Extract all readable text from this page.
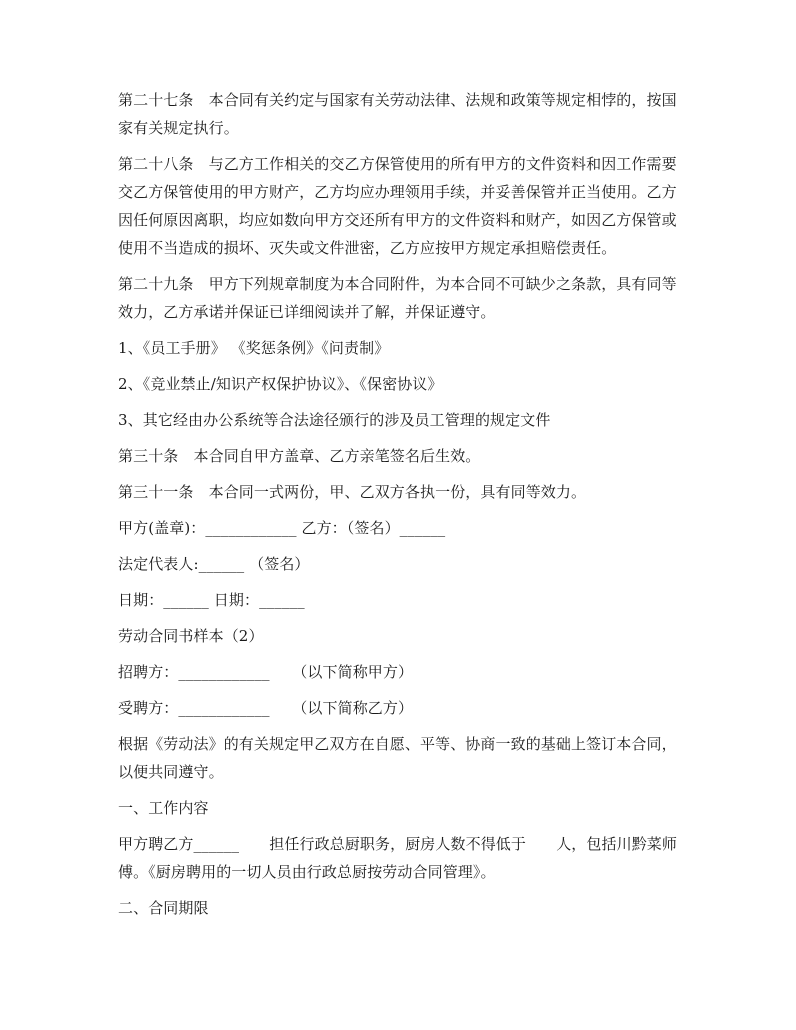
第二十七条　本合同有关约定与国家有关劳动法律、法规和政策等规定相悖的，按国家有关规定执行。

第二十八条　与乙方工作相关的交乙方保管使用的所有甲方的文件资料和因工作需要交乙方保管使用的甲方财产，乙方均应办理领用手续，并妥善保管并正当使用。乙方因任何原因离职，均应如数向甲方交还所有甲方的文件资料和财产，如因乙方保管或使用不当造成的损坏、灭失或文件泄密，乙方应按甲方规定承担赔偿责任。

第二十九条　甲方下列规章制度为本合同附件，为本合同不可缺少之条款，具有同等效力，乙方承诺并保证已详细阅读并了解，并保证遵守。

1、《员工手册》 《奖惩条例》《问责制》

2、《竞业禁止/知识产权保护协议》、《保密协议》

3、其它经由办公系统等合法途径颁行的涉及员工管理的规定文件

第三十条　本合同自甲方盖章、乙方亲笔签名后生效。

第三十一条　本合同一式两份，甲、乙双方各执一份，具有同等效力。

甲方(盖章)：____________ 乙方：（签名）______

法定代表人:______ （签名）

日期：______ 日期：______

劳动合同书样本（2）

招聘方：____________　　（以下简称甲方）

受聘方：____________　　（以下简称乙方）

根据《劳动法》的有关规定甲乙双方在自愿、平等、协商一致的基础上签订本合同，以便共同遵守。

一、工作内容

甲方聘乙方______　　担任行政总厨职务，厨房人数不得低于　　人，包括川黔菜师傅。《厨房聘用的一切人员由行政总厨按劳动合同管理》。

二、合同期限
